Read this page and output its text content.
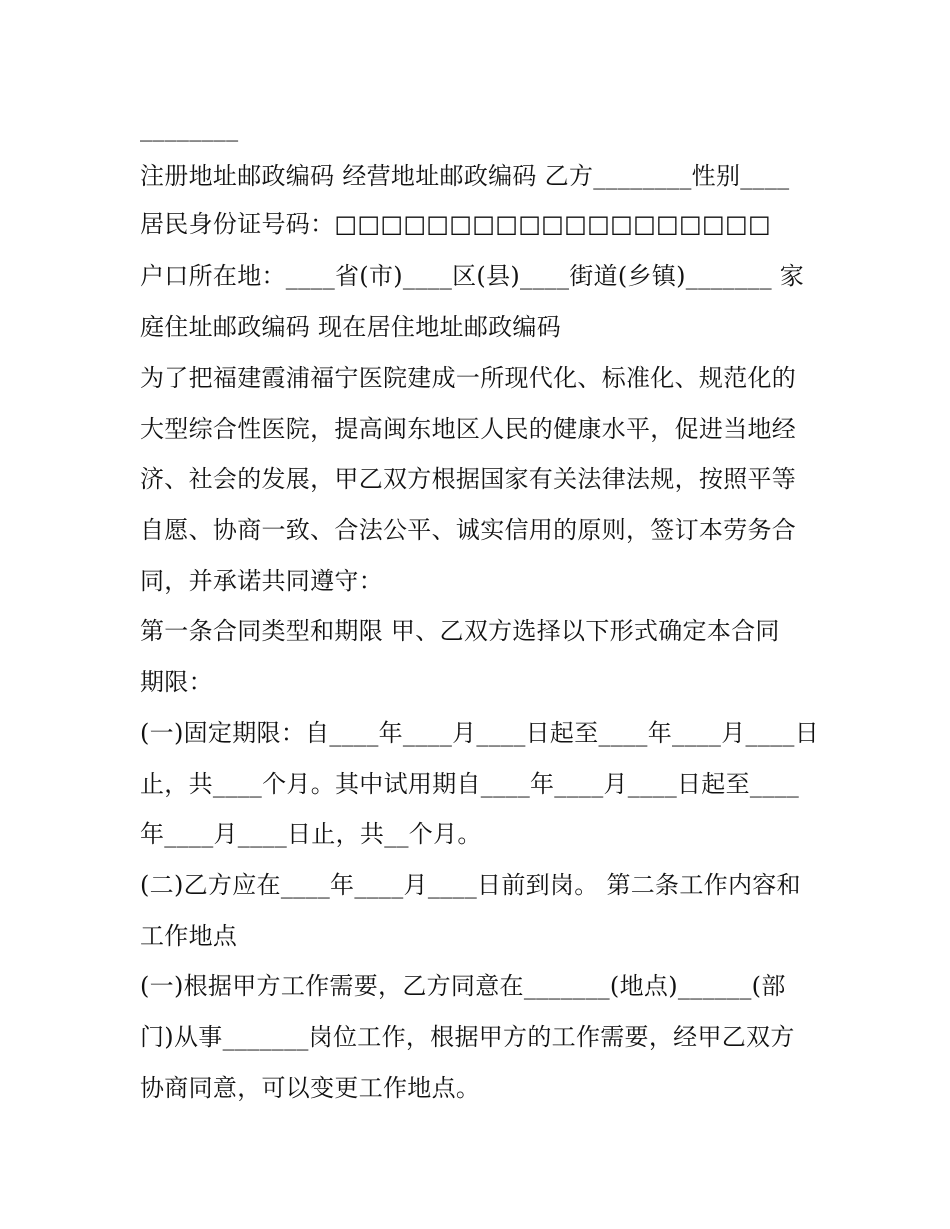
________
注册地址邮政编码 经营地址邮政编码 乙方________性别____
居民身份证号码：□□□□□□□□□□□□□□□□□□□
户口所在地：____省(市)____区(县)____街道(乡镇)_______ 家
庭住址邮政编码 现在居住地址邮政编码
为了把福建霞浦福宁医院建成一所现代化、标准化、规范化的
大型综合性医院，提高闽东地区人民的健康水平，促进当地经
济、社会的发展，甲乙双方根据国家有关法律法规，按照平等
自愿、协商一致、合法公平、诚实信用的原则，签订本劳务合
同，并承诺共同遵守：
第一条合同类型和期限 甲、乙双方选择以下形式确定本合同
期限：
(一)固定期限：自____年____月____日起至____年____月____日
止，共____个月。其中试用期自____年____月____日起至____
年____月____日止，共__个月。
(二)乙方应在____年____月____日前到岗。 第二条工作内容和
工作地点
(一)根据甲方工作需要，乙方同意在_______(地点)______(部
门)从事_______岗位工作，根据甲方的工作需要，经甲乙双方
协商同意，可以变更工作地点。
